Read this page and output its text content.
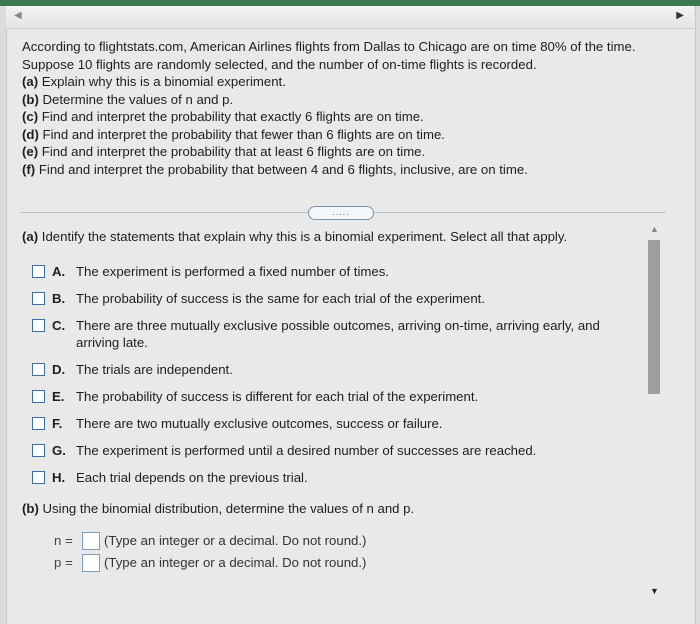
◀	▶

According to flightstats.com, American Airlines flights from Dallas to Chicago are on time 80% of the time. Suppose 10 flights are randomly selected, and the number of on-time flights is recorded.

(a) Explain why this is a binomial experiment.
(b) Determine the values of n and p.
(c) Find and interpret the probability that exactly 6 flights are on time.
(d) Find and interpret the probability that fewer than 6 flights are on time.
(e) Find and interpret the probability that at least 6 flights are on time.
(f) Find and interpret the probability that between 4 and 6 flights, inclusive, are on time.
.....
▲
▼

(a) Identify the statements that explain why this is a binomial experiment. Select all that apply.

A. The experiment is performed a fixed number of times.
B. The probability of success is the same for each trial of the experiment.
C. There are three mutually exclusive possible outcomes, arriving on-time, arriving early, and arriving late.
D. The trials are independent.
E. The probability of success is different for each trial of the experiment.
F. There are two mutually exclusive outcomes, success or failure.
G. The experiment is performed until a desired number of successes are reached.
H. Each trial depends on the previous trial.

(b) Using the binomial distribution, determine the values of n and p.

n = (Type an integer or a decimal. Do not round.)
p = (Type an integer or a decimal. Do not round.)
